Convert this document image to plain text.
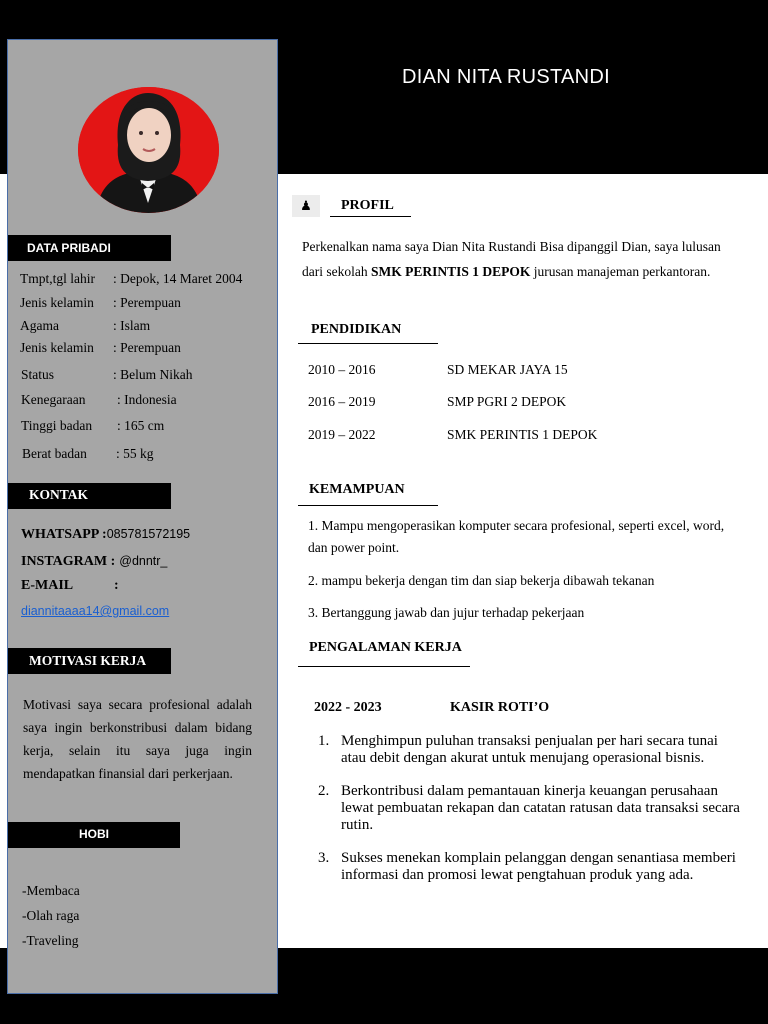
DIAN NITA RUSTANDI
DATA PRIBADI
Tmpt,tgl lahir : Depok, 14 Maret 2004
Jenis kelamin : Perempuan
Agama	: Islam
Jenis kelamin : Perempuan
Status	: Belum Nikah
Kenegaraan : Indonesia
Tinggi badan : 165 cm
Berat badan : 55 kg
KONTAK
WHATSAPP :085781572195
INSTAGRAM : @dnntr_
E-MAIL	:
diannitaaaa14@gmail.com
MOTIVASI KERJA
Motivasi saya secara profesional adalah saya ingin berkonstribusi dalam bidang kerja, selain itu saya juga ingin mendapatkan finansial dari perkerjaan.
HOBI
-Membaca
-Olah raga
-Traveling
♟	PROFIL
Perkenalkan nama saya Dian Nita Rustandi Bisa dipanggil Dian, saya lulusan dari sekolah SMK PERINTIS 1 DEPOK jurusan manajeman perkantoran.
PENDIDIKAN
2010 – 2016	SD MEKAR JAYA 15
2016 – 2019	SMP PGRI 2 DEPOK
2019 – 2022	SMK PERINTIS 1 DEPOK
KEMAMPUAN
1. Mampu mengoperasikan komputer secara profesional, seperti excel, word, dan power point.
2. mampu bekerja dengan tim dan siap bekerja dibawah tekanan
3. Bertanggung jawab dan jujur terhadap pekerjaan
PENGALAMAN KERJA
2022 - 2023	KASIR ROTI’O
1. Menghimpun puluhan transaksi penjualan per hari secara tunai atau debit dengan akurat untuk menujang operasional bisnis.
2. Berkontribusi dalam pemantauan kinerja keuangan perusahaan lewat pembuatan rekapan dan catatan ratusan data transaksi secara rutin.
3. Sukses menekan komplain pelanggan dengan senantiasa memberi informasi dan promosi lewat pengtahuan produk yang ada.
